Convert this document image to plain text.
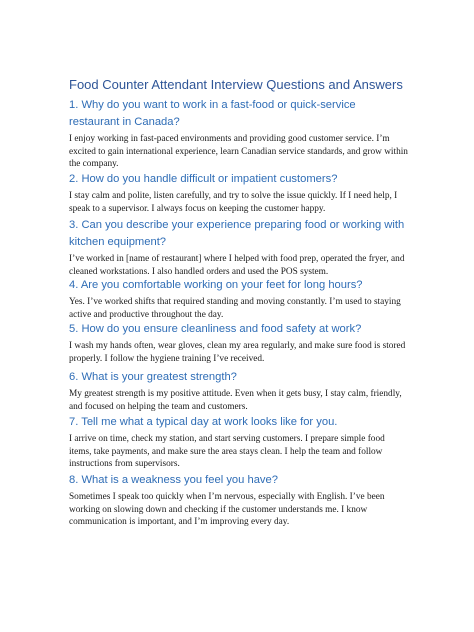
Food Counter Attendant Interview Questions and Answers
1. Why do you want to work in a fast-food or quick-service restaurant in Canada?
I enjoy working in fast-paced environments and providing good customer service. I’m excited to gain international experience, learn Canadian service standards, and grow within the company.
2. How do you handle difficult or impatient customers?
I stay calm and polite, listen carefully, and try to solve the issue quickly. If I need help, I speak to a supervisor. I always focus on keeping the customer happy.
3. Can you describe your experience preparing food or working with kitchen equipment?
I’ve worked in [name of restaurant] where I helped with food prep, operated the fryer, and cleaned workstations. I also handled orders and used the POS system.
4. Are you comfortable working on your feet for long hours?
Yes. I’ve worked shifts that required standing and moving constantly. I’m used to staying active and productive throughout the day.
5. How do you ensure cleanliness and food safety at work?
I wash my hands often, wear gloves, clean my area regularly, and make sure food is stored properly. I follow the hygiene training I’ve received.
6. What is your greatest strength?
My greatest strength is my positive attitude. Even when it gets busy, I stay calm, friendly, and focused on helping the team and customers.
7. Tell me what a typical day at work looks like for you.
I arrive on time, check my station, and start serving customers. I prepare simple food items, take payments, and make sure the area stays clean. I help the team and follow instructions from supervisors.
8. What is a weakness you feel you have?
Sometimes I speak too quickly when I’m nervous, especially with English. I’ve been working on slowing down and checking if the customer understands me. I know communication is important, and I’m improving every day.
